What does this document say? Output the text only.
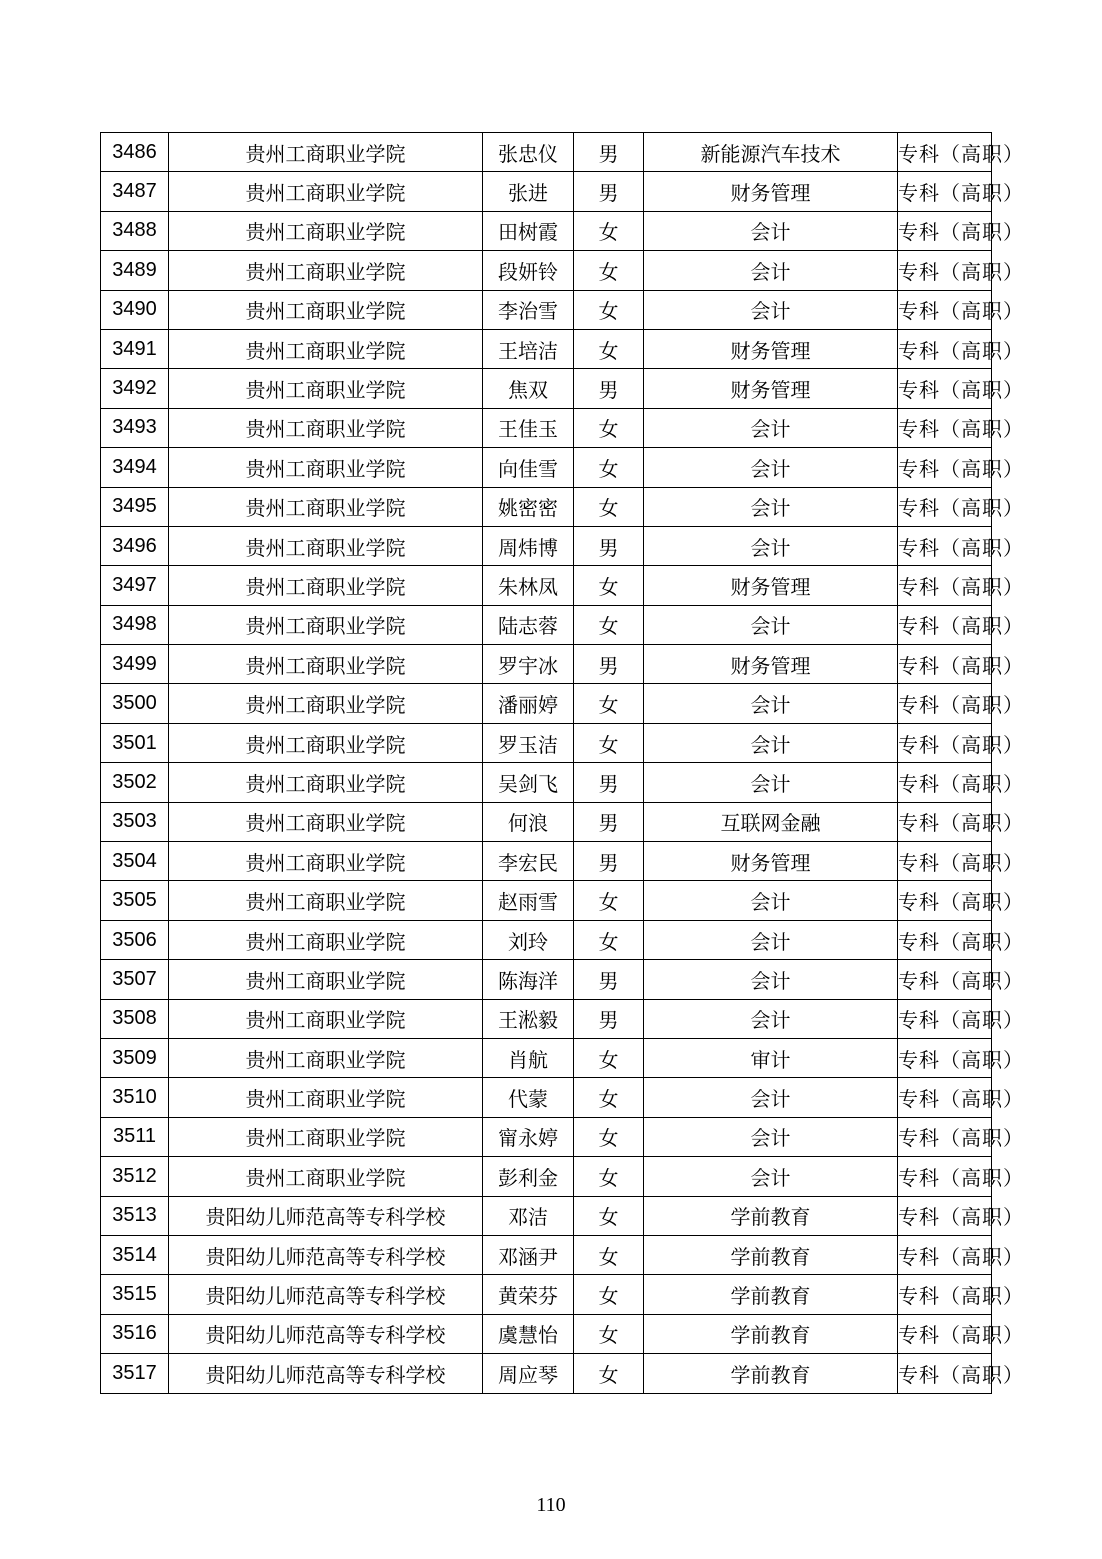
3486	贵州工商职业学院	张忠仪	男	新能源汽车技术	专科（高职）
3487	贵州工商职业学院	张进	男	财务管理	专科（高职）
3488	贵州工商职业学院	田树霞	女	会计	专科（高职）
3489	贵州工商职业学院	段妍铃	女	会计	专科（高职）
3490	贵州工商职业学院	李治雪	女	会计	专科（高职）
3491	贵州工商职业学院	王培洁	女	财务管理	专科（高职）
3492	贵州工商职业学院	焦双	男	财务管理	专科（高职）
3493	贵州工商职业学院	王佳玉	女	会计	专科（高职）
3494	贵州工商职业学院	向佳雪	女	会计	专科（高职）
3495	贵州工商职业学院	姚密密	女	会计	专科（高职）
3496	贵州工商职业学院	周炜博	男	会计	专科（高职）
3497	贵州工商职业学院	朱林凤	女	财务管理	专科（高职）
3498	贵州工商职业学院	陆志蓉	女	会计	专科（高职）
3499	贵州工商职业学院	罗宇冰	男	财务管理	专科（高职）
3500	贵州工商职业学院	潘丽婷	女	会计	专科（高职）
3501	贵州工商职业学院	罗玉洁	女	会计	专科（高职）
3502	贵州工商职业学院	吴剑飞	男	会计	专科（高职）
3503	贵州工商职业学院	何浪	男	互联网金融	专科（高职）
3504	贵州工商职业学院	李宏民	男	财务管理	专科（高职）
3505	贵州工商职业学院	赵雨雪	女	会计	专科（高职）
3506	贵州工商职业学院	刘玲	女	会计	专科（高职）
3507	贵州工商职业学院	陈海洋	男	会计	专科（高职）
3508	贵州工商职业学院	王淞毅	男	会计	专科（高职）
3509	贵州工商职业学院	肖航	女	审计	专科（高职）
3510	贵州工商职业学院	代蒙	女	会计	专科（高职）
3511	贵州工商职业学院	甯永婷	女	会计	专科（高职）
3512	贵州工商职业学院	彭利金	女	会计	专科（高职）
3513	贵阳幼儿师范高等专科学校	邓洁	女	学前教育	专科（高职）
3514	贵阳幼儿师范高等专科学校	邓涵尹	女	学前教育	专科（高职）
3515	贵阳幼儿师范高等专科学校	黄荣芬	女	学前教育	专科（高职）
3516	贵阳幼儿师范高等专科学校	虞慧怡	女	学前教育	专科（高职）
3517	贵阳幼儿师范高等专科学校	周应琴	女	学前教育	专科（高职）
110
